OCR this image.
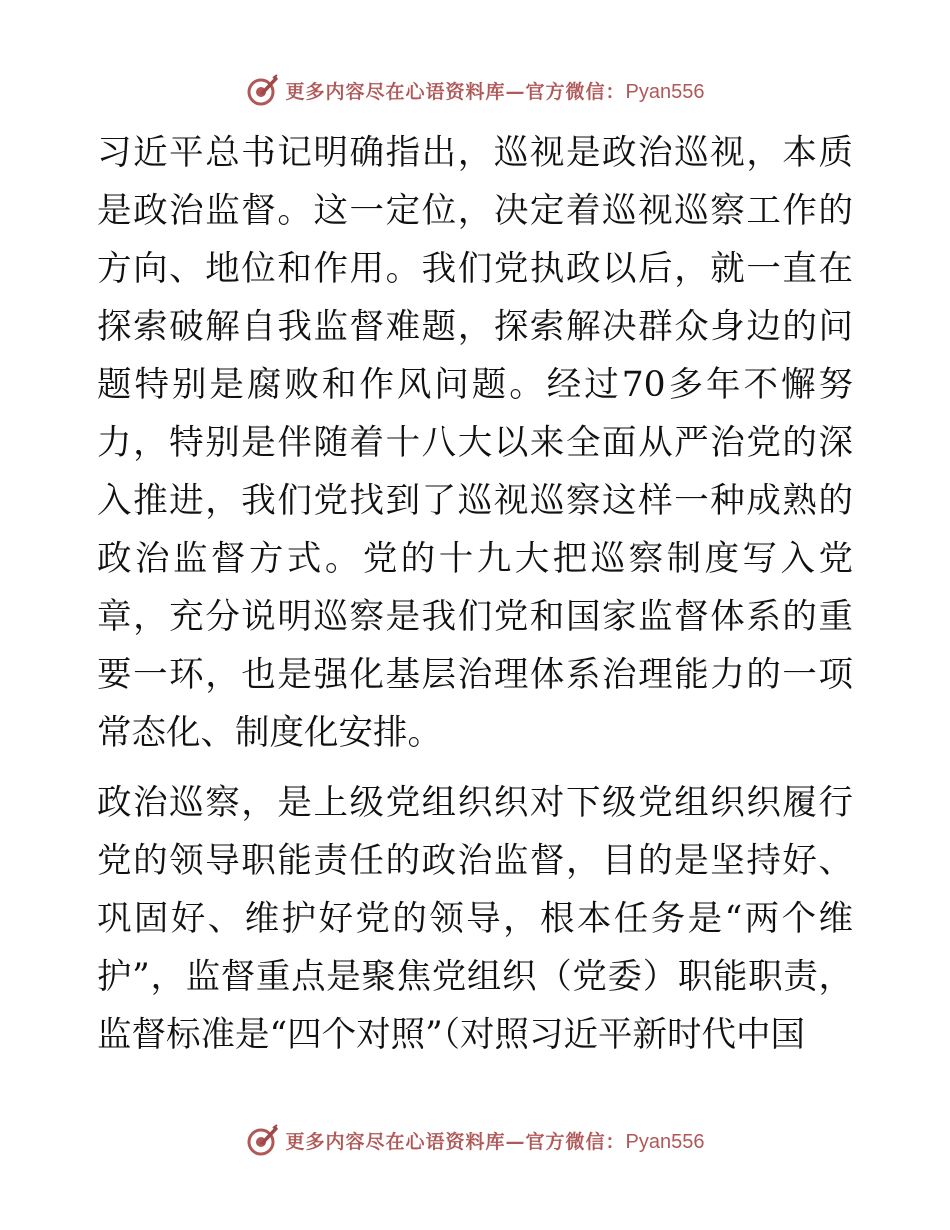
更多内容尽在心语资料库—官方微信：Pyan556

习近平总书记明确指出，巡视是政治巡视，本质是政治监督。这一定位，决定着巡视巡察工作的方向、地位和作用。我们党执政以后，就一直在探索破解自我监督难题，探索解决群众身边的问题特别是腐败和作风问题。经过70多年不懈努力，特别是伴随着十八大以来全面从严治党的深入推进，我们党找到了巡视巡察这样一种成熟的政治监督方式。党的十九大把巡察制度写入党章，充分说明巡察是我们党和国家监督体系的重要一环，也是强化基层治理体系治理能力的一项常态化、制度化安排。

政治巡察，是上级党组织织对下级党组织织履行党的领导职能责任的政治监督，目的是坚持好、巩固好、维护好党的领导，根本任务是“两个维护”，监督重点是聚焦党组织（党委）职能职责，监督标准是“四个对照”（对照习近平新时代中国

更多内容尽在心语资料库—官方微信：Pyan556
